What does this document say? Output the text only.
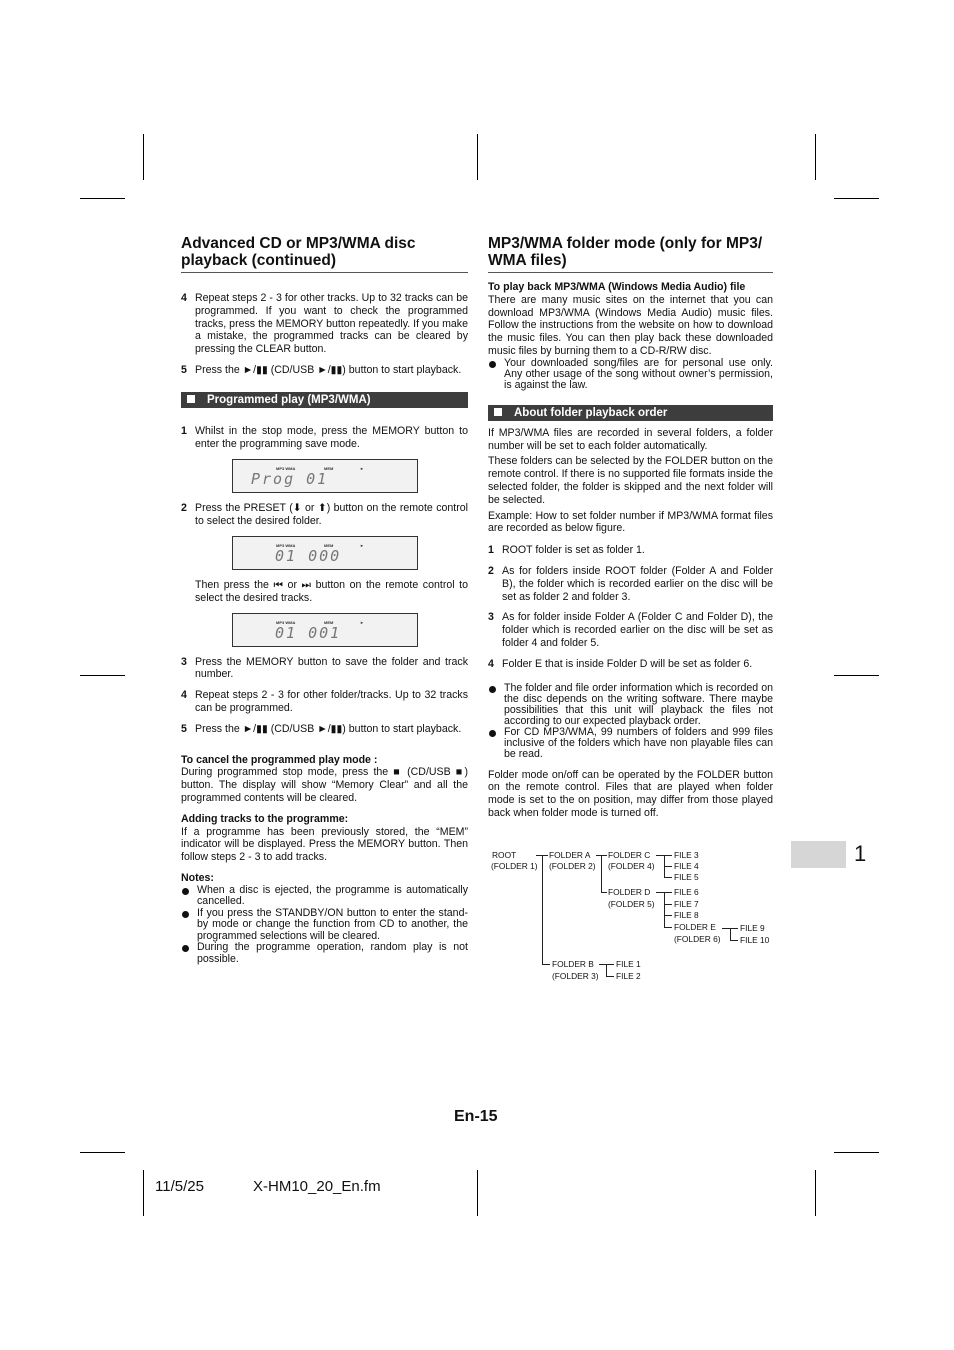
Advanced CD or MP3/WMA disc playback (continued)
4 Repeat steps 2 - 3 for other tracks. Up to 32 tracks can be programmed. If you want to check the programmed tracks, press the MEMORY button repeatedly. If you make a mistake, the programmed tracks can be cleared by pressing the CLEAR button.
5 Press the ►/▮▮ (CD/USB ►/▮▮) button to start playback.
Programmed play (MP3/WMA)
1 Whilst in the stop mode, press the MEMORY button to enter the programming save mode.
MP3 WMA	MEM	►
Prog 01
2 Press the PRESET (⬇ or ⬆) button on the remote control to select the desired folder.
MP3 WMA	MEM	►
01 000

Then press the ⏮ or ⏭ button on the remote control to select the desired tracks.

MP3 WMA	MEM	►
01 001
3 Press the MEMORY button to save the folder and track number.
4 Repeat steps 2 - 3 for other folder/tracks. Up to 32 tracks can be programmed.
5 Press the ►/▮▮ (CD/USB ►/▮▮) button to start playback.
To cancel the programmed play mode :

During programmed stop mode, press the ■ (CD/USB ■) button. The display will show “Memory Clear” and all the programmed contents will be cleared.

Adding tracks to the programme:

If a programme has been previously stored, the “MEM” indicator will be displayed. Press the MEMORY button. Then follow steps 2 - 3 to add tracks.

Notes:
When a disc is ejected, the programme is automatically cancelled.
If you press the STANDBY/ON button to enter the stand-by mode or change the function from CD to another, the programmed selections will be cleared.
During the programme operation, random play is not possible.
MP3/WMA folder mode (only for MP3/ WMA files)
To play back MP3/WMA (Windows Media Audio) file

There are many music sites on the internet that you can download MP3/WMA (Windows Media Audio) music files. Follow the instructions from the website on how to download the music files. You can then play back these downloaded music files by burning them to a CD-R/RW disc.

Your downloaded song/files are for personal use only. Any other usage of the song without owner’s permission, is against the law.
About folder playback order

If MP3/WMA files are recorded in several folders, a folder number will be set to each folder automatically.

These folders can be selected by the FOLDER button on the remote control. If there is no supported file formats inside the selected folder, the folder is skipped and the next folder will be selected.

Example: How to set folder number if MP3/WMA format files are recorded as below figure.

1 ROOT folder is set as folder 1.
2 As for folders inside ROOT folder (Folder A and Folder B), the folder which is recorded earlier on the disc will be set as folder 2 and folder 3.
3 As for folder inside Folder A (Folder C and Folder D), the folder which is recorded earlier on the disc will be set as folder 4 and folder 5.
4 Folder E that is inside Folder D will be set as folder 6.
The folder and file order information which is recorded on the disc depends on the writing software. There maybe possibilities that this unit will playback the files not according to our expected playback order.
For CD MP3/WMA, 99 numbers of folders and 999 files inclusive of the folders which have non playable files can be read.

Folder mode on/off can be operated by the FOLDER button on the remote control. Files that are played when folder mode is set to the on position, may differ from those played back when folder mode is turned off.

ROOT
(FOLDER 1)
FOLDER A
(FOLDER 2)
FOLDER C
(FOLDER 4)
FOLDER D
(FOLDER 5)
FILE 3
FILE 4
FILE 5
FILE 6
FILE 7
FILE 8
FOLDER E
(FOLDER 6)
FILE 9
FILE 10
FOLDER B
(FOLDER 3)
FILE 1
FILE 2
1
En-15
11/5/25	X-HM10_20_En.fm
